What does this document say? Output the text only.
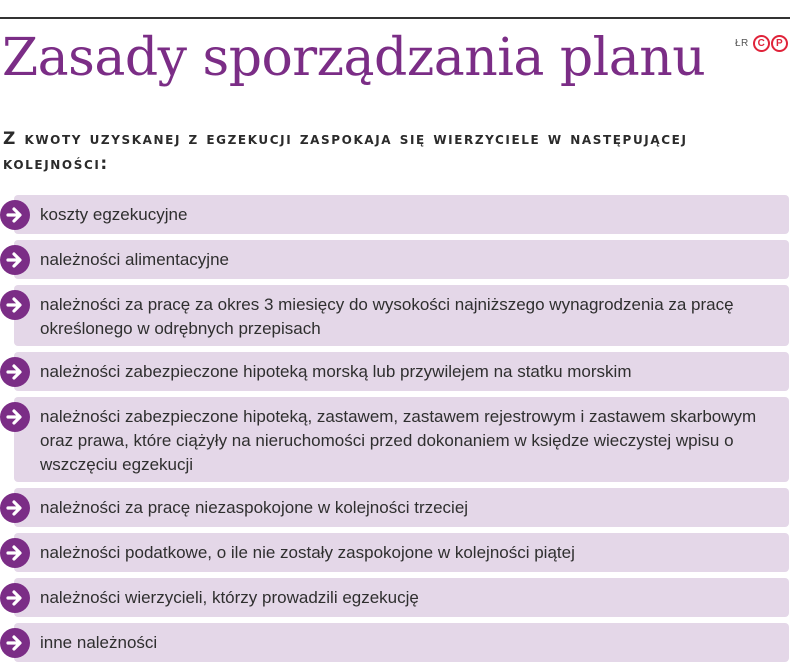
Zasady sporządzania planu	ŁR C	P
Z kwoty uzyskanej z egzekucji zaspokaja się wierzyciele w następującej kolejności:
koszty egzekucyjne
należności alimentacyjne
należności za pracę za okres 3 miesięcy do wysokości najniższego wynagrodzenia za pracę określonego w odrębnych przepisach
należności zabezpieczone hipoteką morską lub przywilejem na statku morskim
należności zabezpieczone hipoteką, zastawem, zastawem rejestrowym i zastawem skarbowym oraz prawa, które ciążyły na nieruchomości przed dokonaniem w księdze wieczystej wpisu o wszczęciu egzekucji
należności za pracę niezaspokojone w kolejności trzeciej
należności podatkowe, o ile nie zostały zaspokojone w kolejności piątej
należności wierzycieli, którzy prowadzili egzekucję
inne należności
